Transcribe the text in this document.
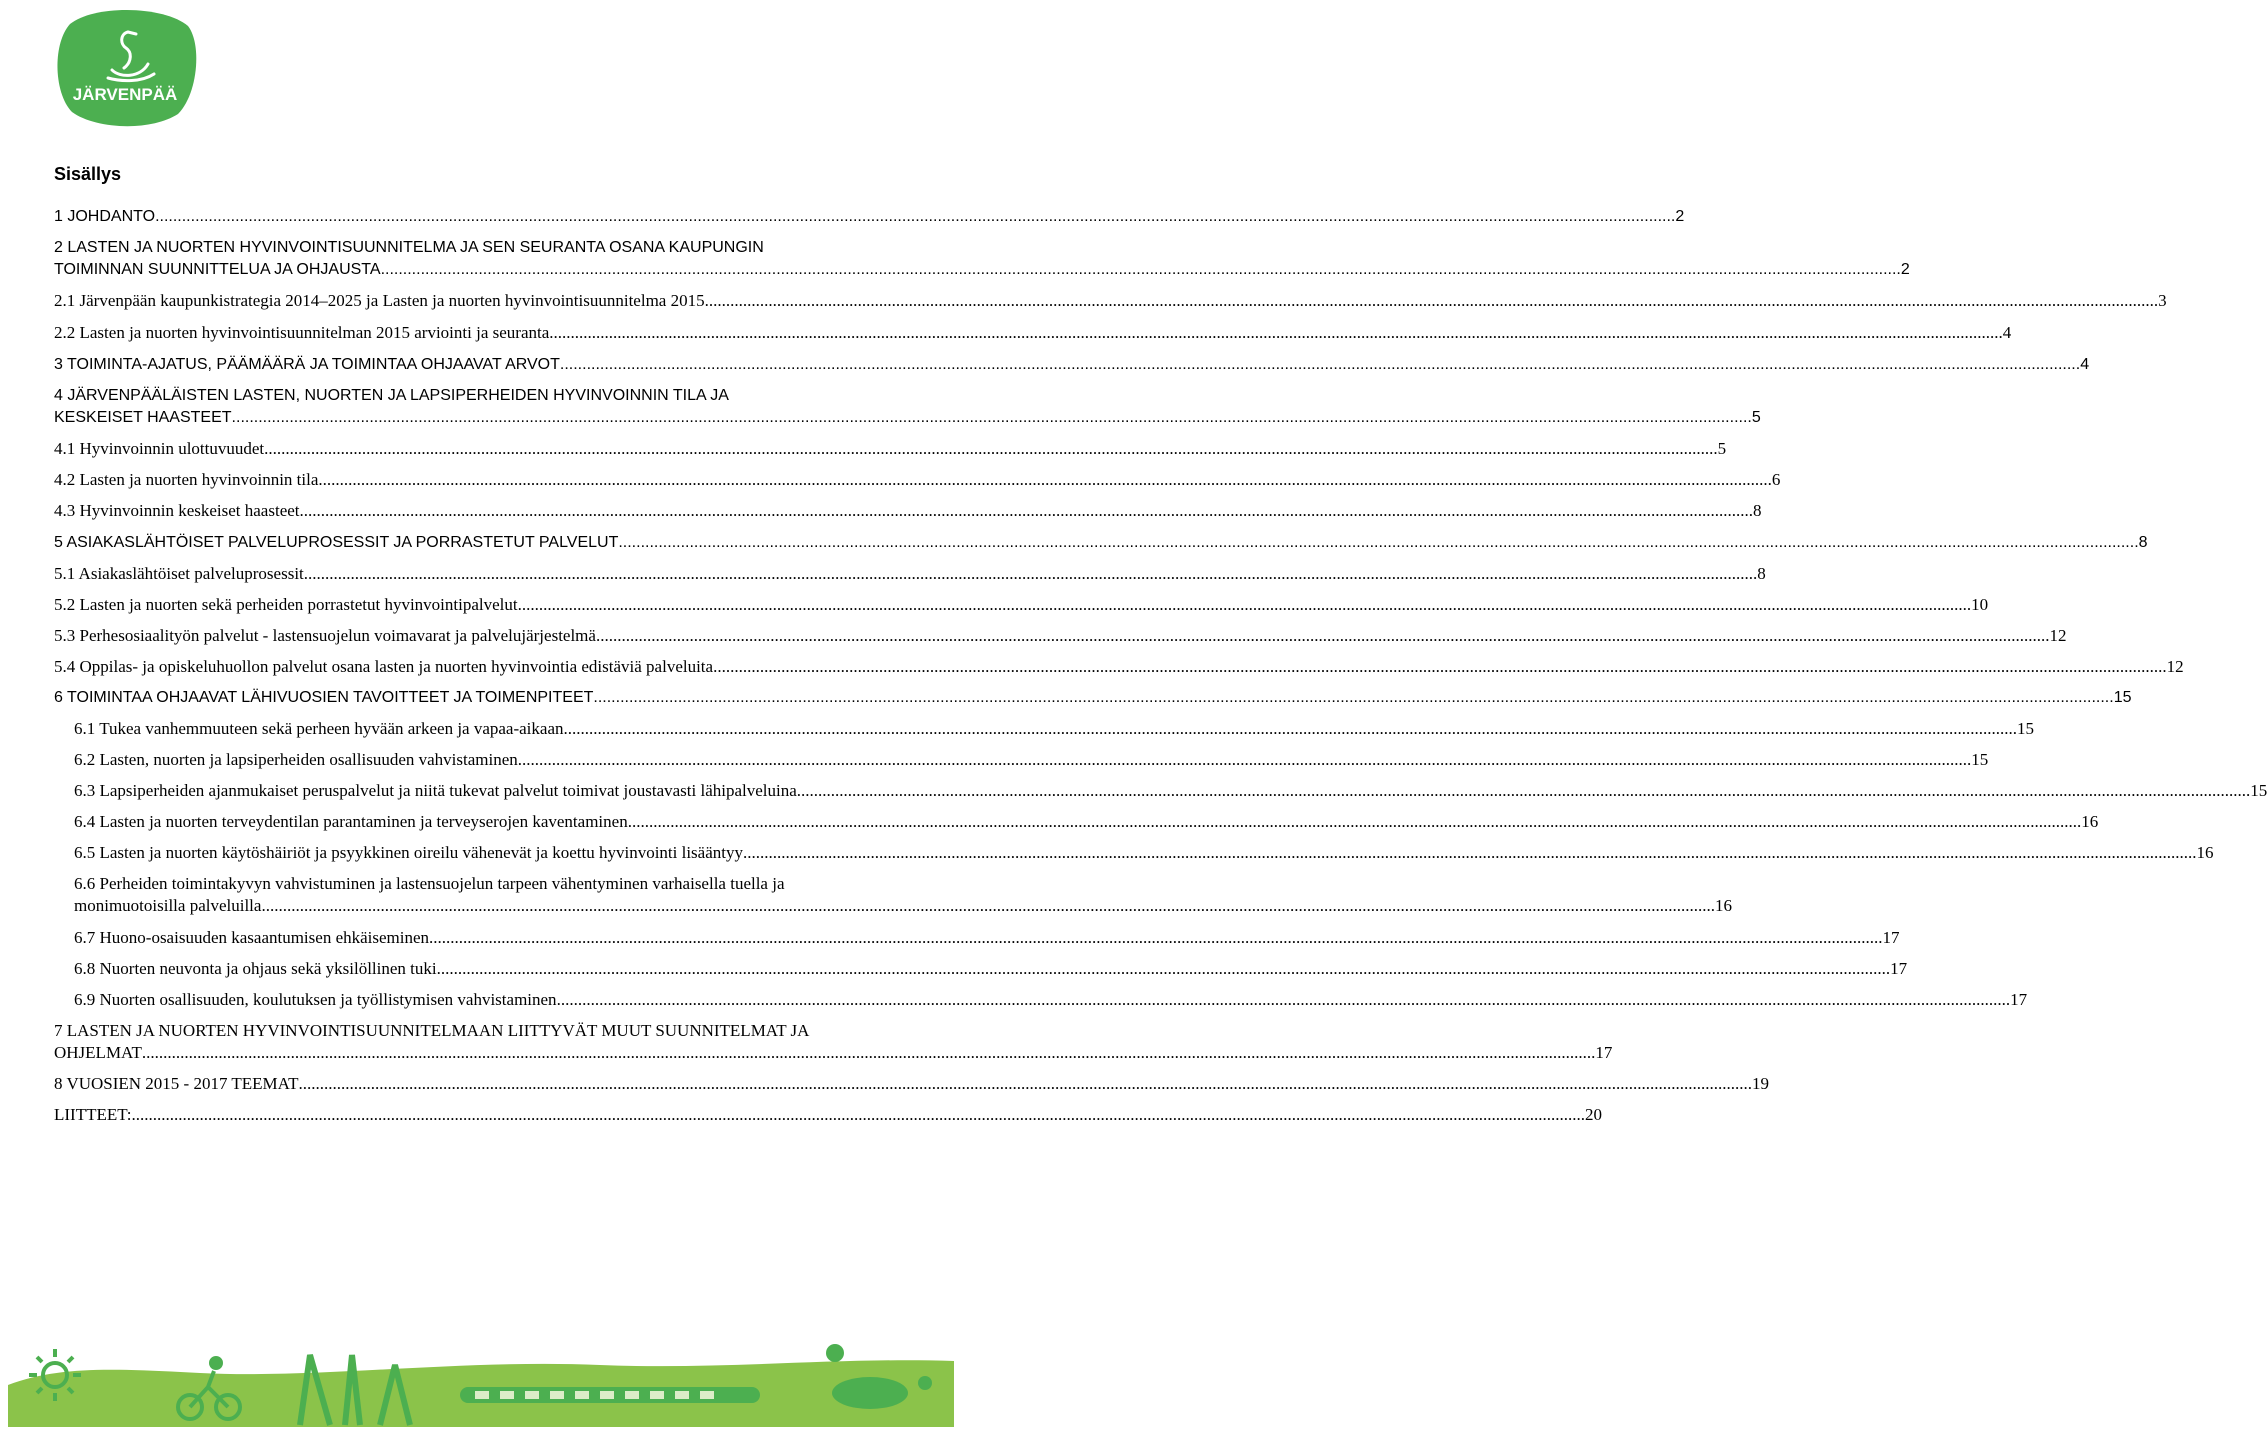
JÄRVENPÄÄ
Sisällys
1 JOHDANTO .....	2
2 LASTEN JA NUORTEN HYVINVOINTISUUNNITELMA JA SEN SEURANTA OSANA KAUPUNGIN
TOIMINNAN SUUNNITTELUA JA OHJAUSTA .....	2
2.1 Järvenpään kaupunkistrategia 2014–2025 ja Lasten ja nuorten hyvinvointisuunnitelma 2015 .....	3
2.2 Lasten ja nuorten hyvinvointisuunnitelman 2015 arviointi ja seuranta .....	4
3 TOIMINTA-AJATUS, PÄÄMÄÄRÄ JA TOIMINTAA OHJAAVAT ARVOT .....	4
4 JÄRVENPÄÄLÄISTEN LASTEN, NUORTEN JA LAPSIPERHEIDEN HYVINVOINNIN TILA JA
KESKEISET HAASTEET .....	5
4.1 Hyvinvoinnin ulottuvuudet .....	5
4.2 Lasten ja nuorten hyvinvoinnin tila .....	6
4.3 Hyvinvoinnin keskeiset haasteet .....	8
5 ASIAKASLÄHTÖISET PALVELUPROSESSIT JA PORRASTETUT PALVELUT .....	8
5.1 Asiakaslähtöiset palveluprosessit .....	8
5.2 Lasten ja nuorten sekä perheiden porrastetut hyvinvointipalvelut .....	10
5.3 Perhesosiaalityön palvelut - lastensuojelun voimavarat ja palvelujärjestelmä .....	12
5.4 Oppilas- ja opiskeluhuollon palvelut osana lasten ja nuorten hyvinvointia edistäviä palveluita .....	12
6 TOIMINTAA OHJAAVAT LÄHIVUOSIEN TAVOITTEET JA TOIMENPITEET .....	15
6.1 Tukea vanhemmuuteen sekä perheen hyvään arkeen ja vapaa-aikaan .....	15
6.2 Lasten, nuorten ja lapsiperheiden osallisuuden vahvistaminen .....	15
6.3 Lapsiperheiden ajanmukaiset peruspalvelut ja niitä tukevat palvelut toimivat joustavasti lähipalveluina .....	15
6.4 Lasten ja nuorten terveydentilan parantaminen ja terveyserojen kaventaminen .....	16
6.5 Lasten ja nuorten käytöshäiriöt ja psyykkinen oireilu vähenevät ja koettu hyvinvointi lisääntyy .....	16
6.6 Perheiden toimintakyvyn vahvistuminen ja lastensuojelun tarpeen vähentyminen varhaisella tuella ja
monimuotoisilla palveluilla .....	16
6.7 Huono-osaisuuden kasaantumisen ehkäiseminen .....	17
6.8 Nuorten neuvonta ja ohjaus sekä yksilöllinen tuki .....	17
6.9 Nuorten osallisuuden, koulutuksen ja työllistymisen vahvistaminen .....	17
7 LASTEN JA NUORTEN HYVINVOINTISUUNNITELMAAN LIITTYVÄT MUUT SUUNNITELMAT JA
OHJELMAT .....	17
8 VUOSIEN 2015 - 2017 TEEMAT .....	19
LIITTEET: .....	20
